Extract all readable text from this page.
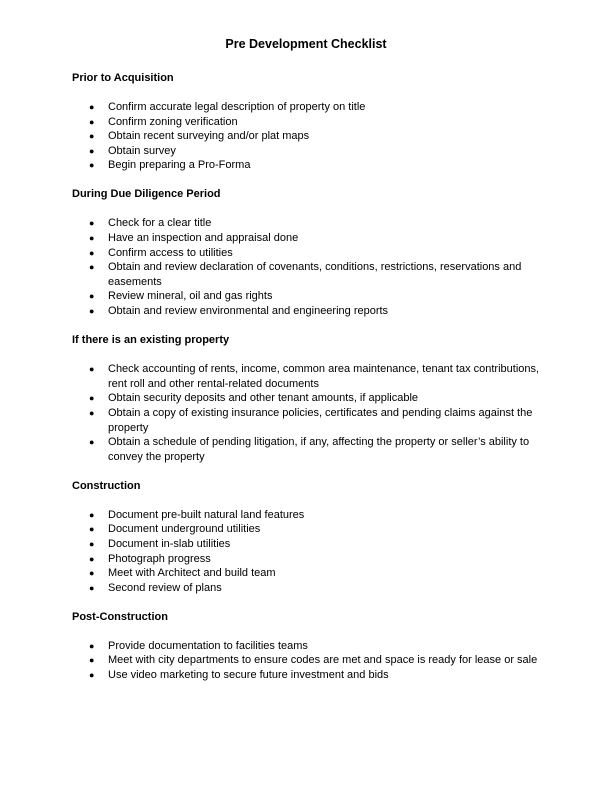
Pre Development Checklist
Prior to Acquisition
● Confirm accurate legal description of property on title
● Confirm zoning verification
● Obtain recent surveying and/or plat maps
● Obtain survey
● Begin preparing a Pro-Forma
During Due Diligence Period
● Check for a clear title
● Have an inspection and appraisal done
● Confirm access to utilities
● Obtain and review declaration of covenants, conditions, restrictions, reservations and easements
● Review mineral, oil and gas rights
● Obtain and review environmental and engineering reports
If there is an existing property
● Check accounting of rents, income, common area maintenance, tenant tax contributions, rent roll and other rental-related documents
● Obtain security deposits and other tenant amounts, if applicable
● Obtain a copy of existing insurance policies, certificates and pending claims against the property
● Obtain a schedule of pending litigation, if any, affecting the property or seller’s ability to convey the property
Construction
● Document pre-built natural land features
● Document underground utilities
● Document in-slab utilities
● Photograph progress
● Meet with Architect and build team
● Second review of plans
Post-Construction
● Provide documentation to facilities teams
● Meet with city departments to ensure codes are met and space is ready for lease or sale
● Use video marketing to secure future investment and bids
